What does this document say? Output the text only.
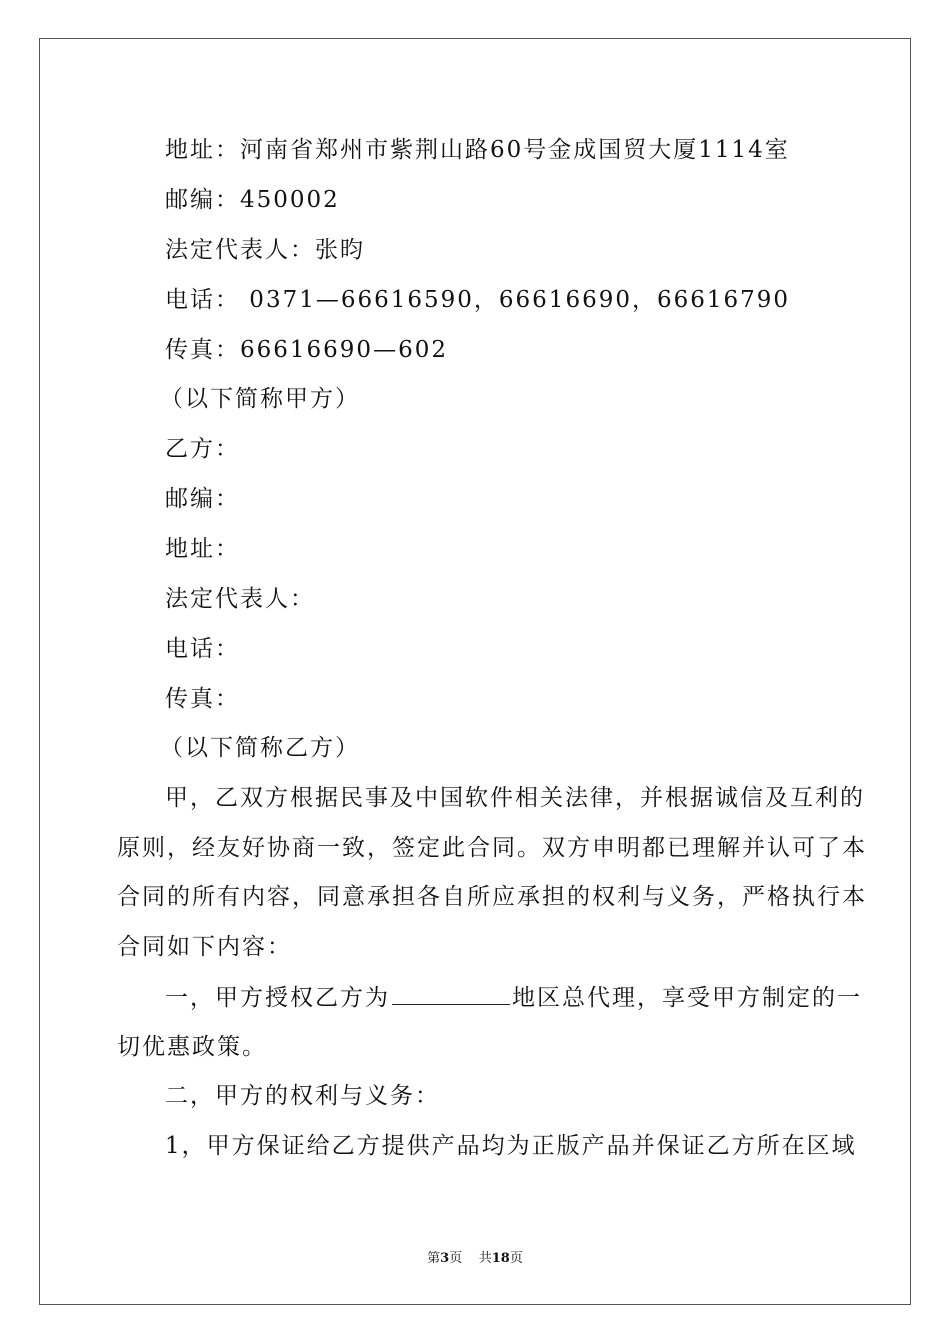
地址：河南省郑州市紫荆山路60号金成国贸大厦1114室
邮编：450002
法定代表人：张昀
电话： 0371—66616590，66616690，66616790
传真：66616690—602
（以下简称甲方）
乙方：
邮编：
地址：
法定代表人：
电话：
传真：
（以下简称乙方）
甲，乙双方根据民事及中国软件相关法律，并根据诚信及互利的
原则，经友好协商一致，签定此合同。双方申明都已理解并认可了本
合同的所有内容，同意承担各自所应承担的权利与义务，严格执行本
合同如下内容：
一，甲方授权乙方为	地区总代理，享受甲方制定的一
切优惠政策。
二，甲方的权利与义务：
1，甲方保证给乙方提供产品均为正版产品并保证乙方所在区域
第3页 共18页
